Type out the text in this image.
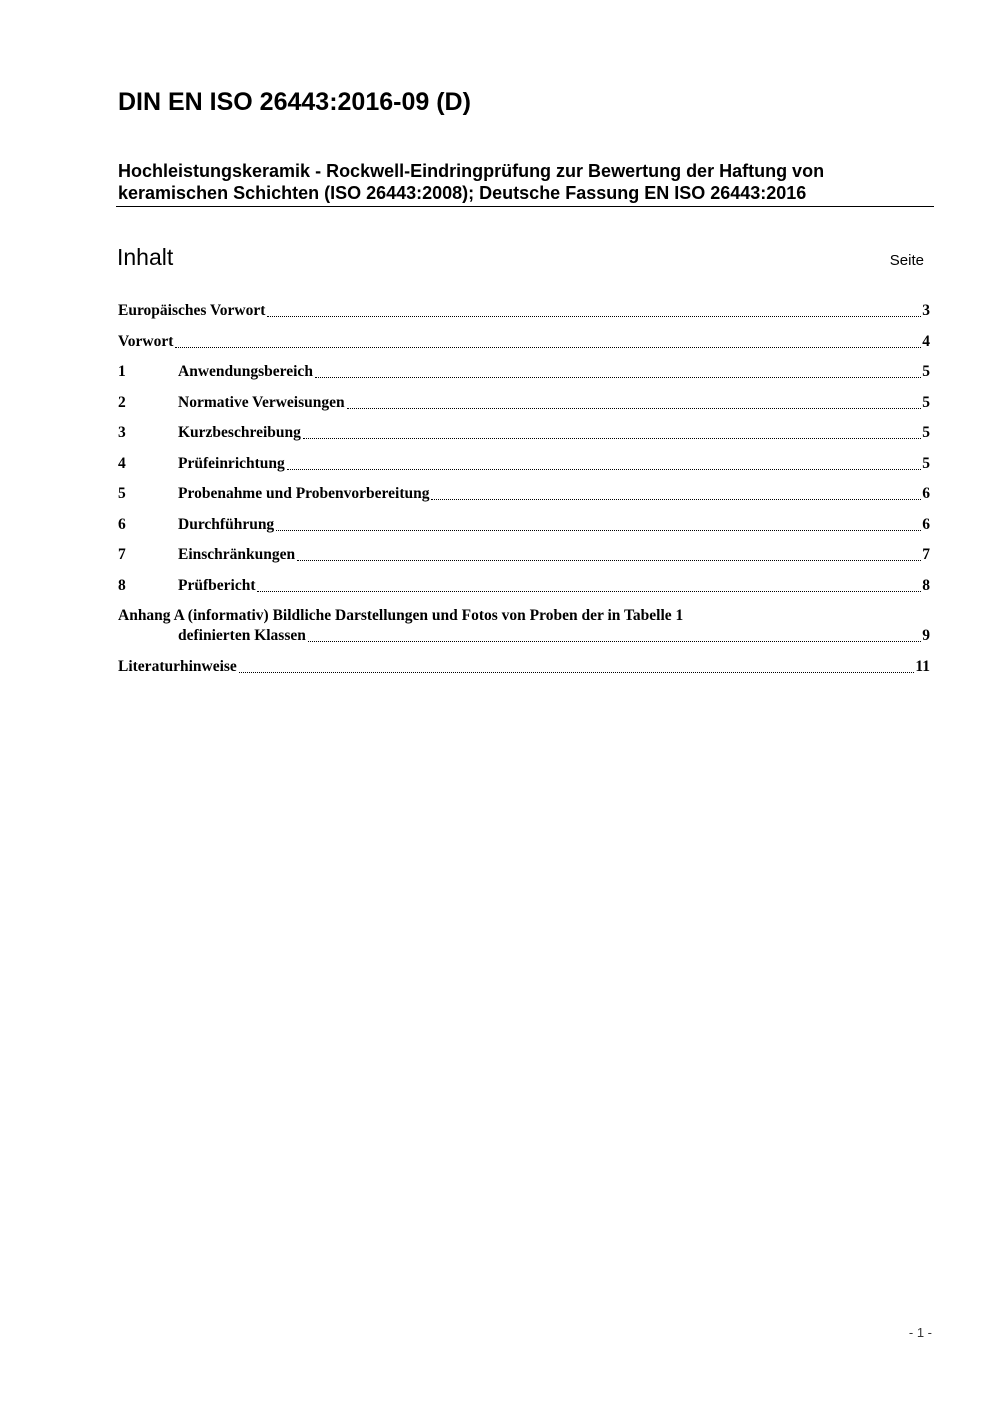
DIN EN ISO 26443:2016-09 (D)
Hochleistungskeramik - Rockwell-Eindringprüfung zur Bewertung der Haftung von
keramischen Schichten (ISO 26443:2008); Deutsche Fassung EN ISO 26443:2016
Inhalt	Seite
Europäisches Vorwort	3
Vorwort	4
1	Anwendungsbereich	5
2	Normative Verweisungen	5
3	Kurzbeschreibung	5
4	Prüfeinrichtung	5
5	Probenahme und Probenvorbereitung	6
6	Durchführung	6
7	Einschränkungen	7
8	Prüfbericht	8
Anhang A (informativ) Bildliche Darstellungen und Fotos von Proben der in Tabelle 1
definierten Klassen	9
Literaturhinweise	11
- 1 -
